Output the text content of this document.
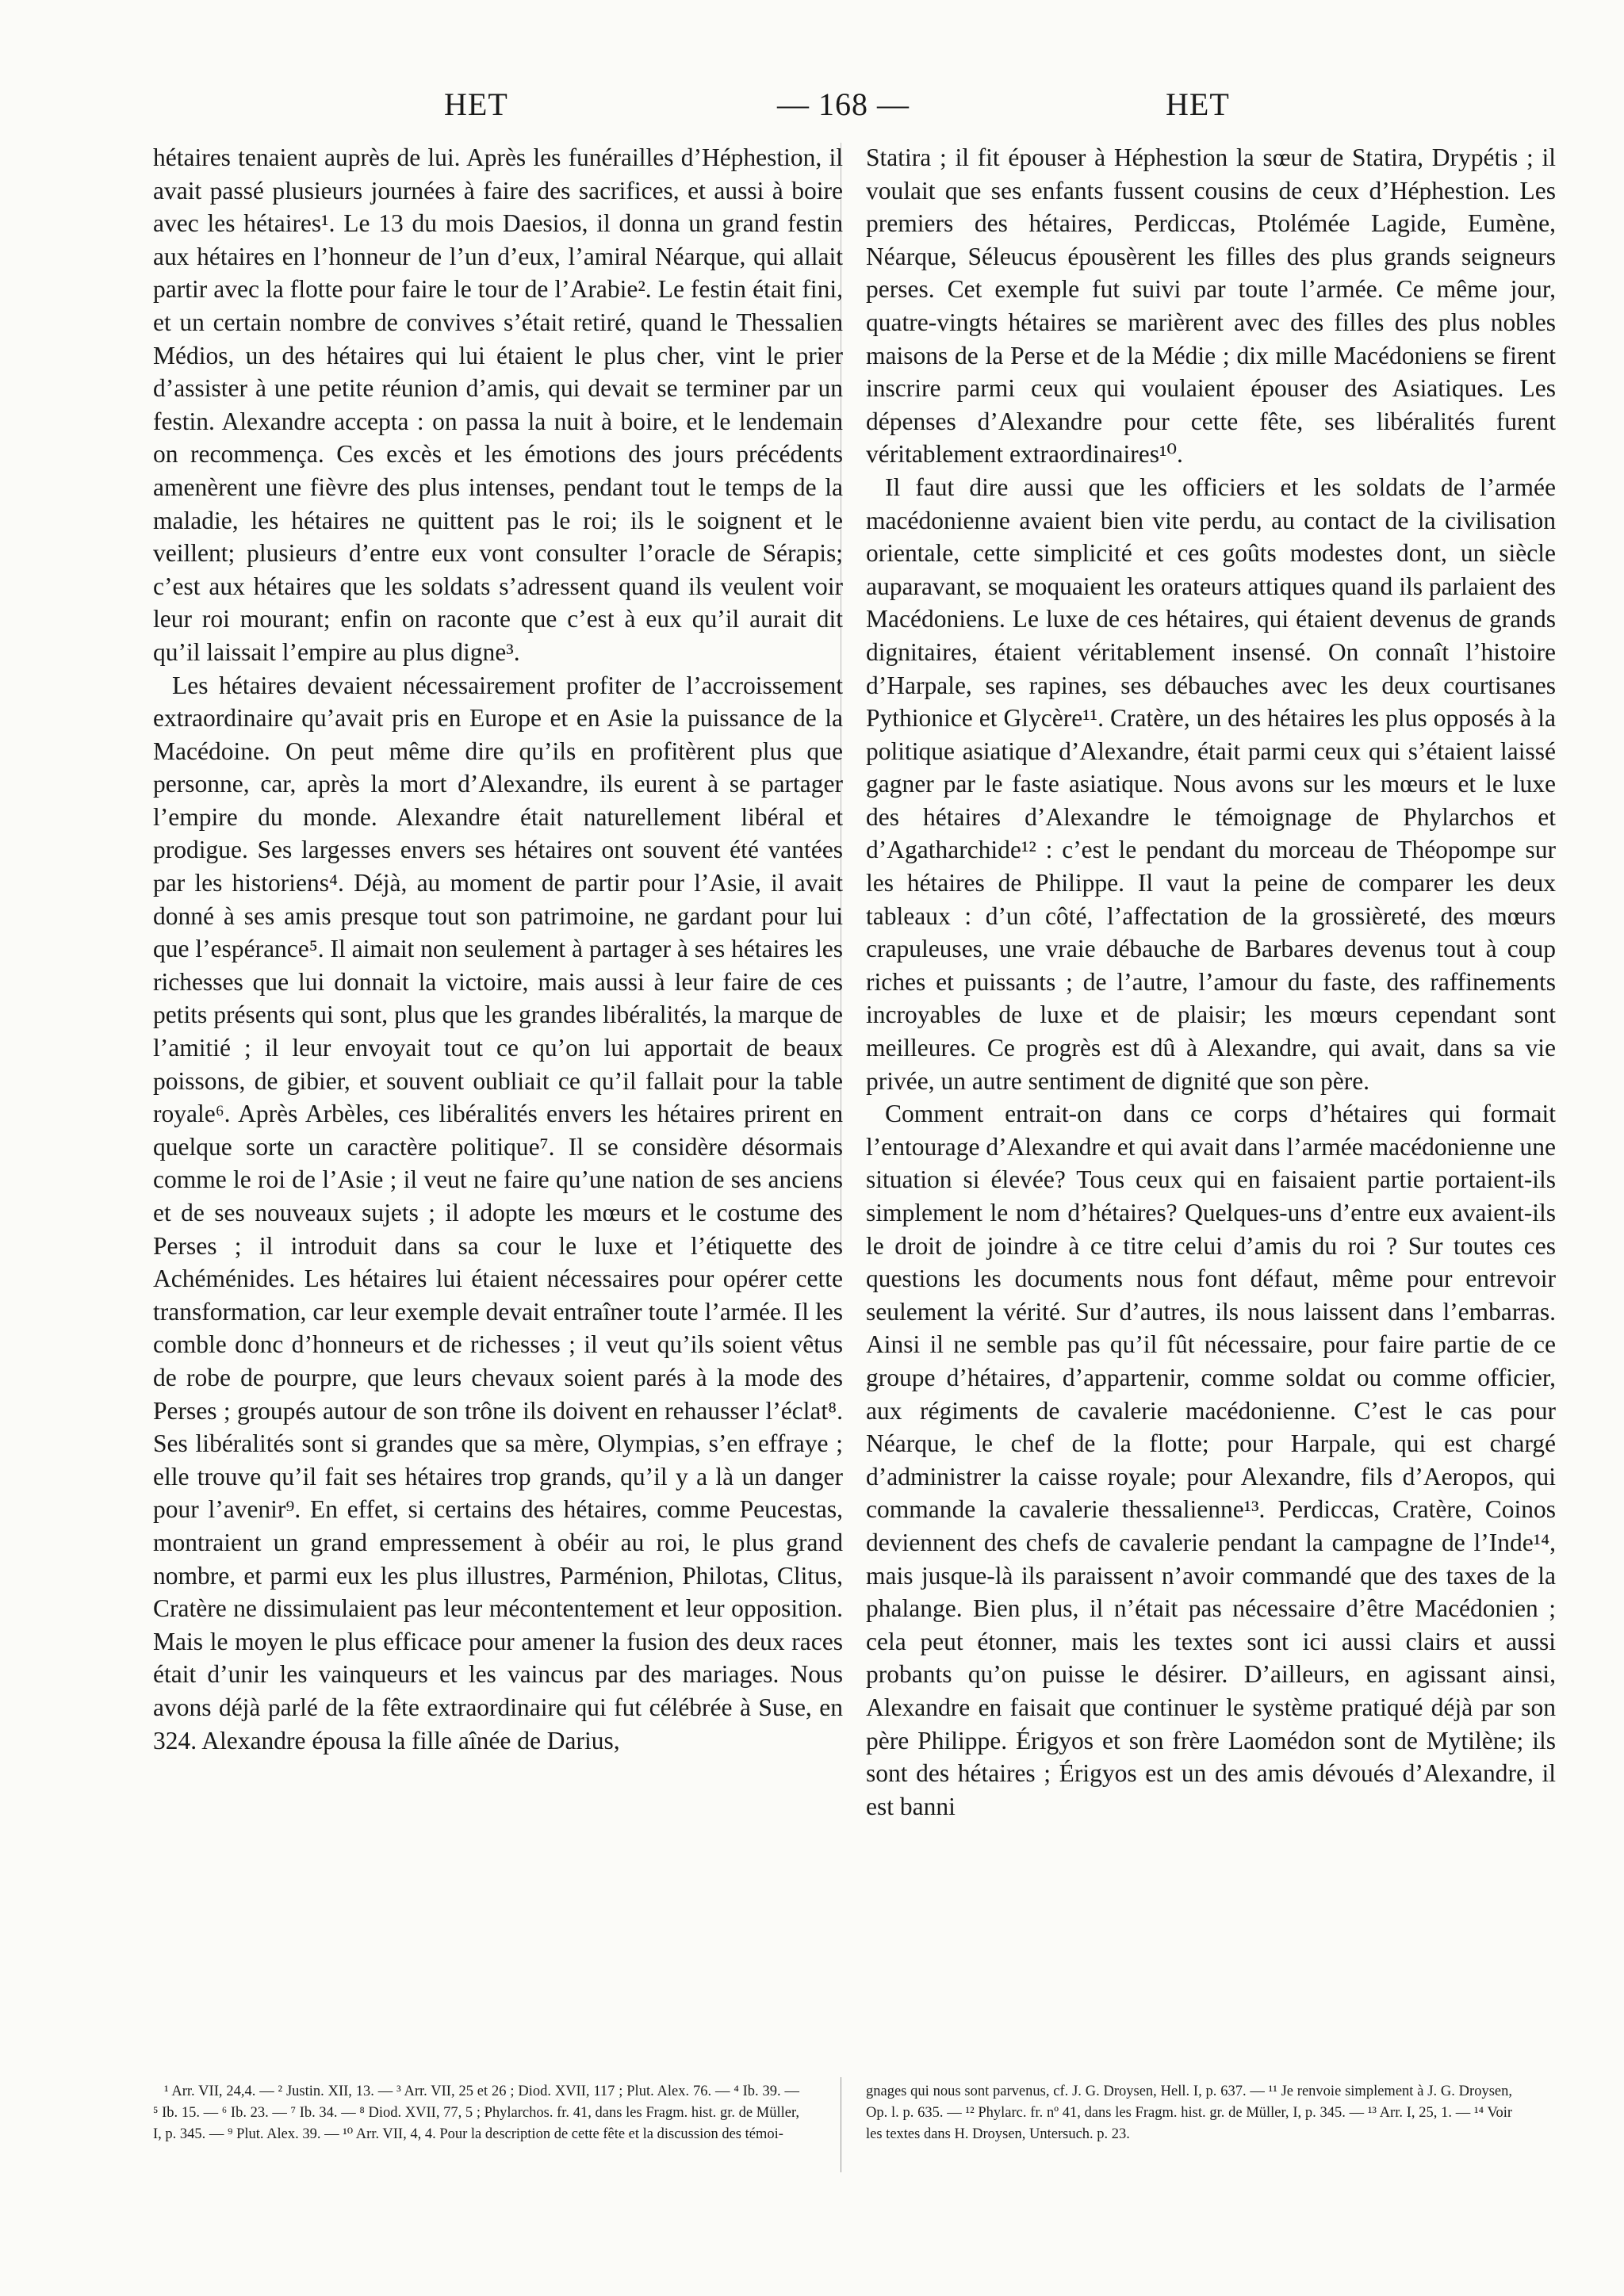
HET	— 168 —	HET

hétaires tenaient auprès de lui. Après les funérailles d’Héphestion, il avait passé plusieurs journées à faire des sacrifices, et aussi à boire avec les hétaires¹. Le 13 du mois Daesios, il donna un grand festin aux hétaires en l’honneur de l’un d’eux, l’amiral Néarque, qui allait partir avec la flotte pour faire le tour de l’Arabie². Le festin était fini, et un certain nombre de convives s’était retiré, quand le Thessalien Médios, un des hétaires qui lui étaient le plus cher, vint le prier d’assister à une petite réunion d’amis, qui devait se terminer par un festin. Alexandre accepta : on passa la nuit à boire, et le lendemain on recommença. Ces excès et les émotions des jours précédents amenèrent une fièvre des plus intenses, pendant tout le temps de la maladie, les hétaires ne quittent pas le roi; ils le soignent et le veillent; plusieurs d’entre eux vont consulter l’oracle de Sérapis; c’est aux hétaires que les soldats s’adressent quand ils veulent voir leur roi mourant; enfin on raconte que c’est à eux qu’il aurait dit qu’il laissait l’empire au plus digne³.

Les hétaires devaient nécessairement profiter de l’accroissement extraordinaire qu’avait pris en Europe et en Asie la puissance de la Macédoine. On peut même dire qu’ils en profitèrent plus que personne, car, après la mort d’Alexandre, ils eurent à se partager l’empire du monde. Alexandre était naturellement libéral et prodigue. Ses largesses envers ses hétaires ont souvent été vantées par les historiens⁴. Déjà, au moment de partir pour l’Asie, il avait donné à ses amis presque tout son patrimoine, ne gardant pour lui que l’espérance⁵. Il aimait non seulement à partager à ses hétaires les richesses que lui donnait la victoire, mais aussi à leur faire de ces petits présents qui sont, plus que les grandes libéralités, la marque de l’amitié ; il leur envoyait tout ce qu’on lui apportait de beaux poissons, de gibier, et souvent oubliait ce qu’il fallait pour la table royale⁶. Après Arbèles, ces libéralités envers les hétaires prirent en quelque sorte un caractère politique⁷. Il se considère désormais comme le roi de l’Asie ; il veut ne faire qu’une nation de ses anciens et de ses nouveaux sujets ; il adopte les mœurs et le costume des Perses ; il introduit dans sa cour le luxe et l’étiquette des Achéménides. Les hétaires lui étaient nécessaires pour opérer cette transformation, car leur exemple devait entraîner toute l’armée. Il les comble donc d’honneurs et de richesses ; il veut qu’ils soient vêtus de robe de pourpre, que leurs chevaux soient parés à la mode des Perses ; groupés autour de son trône ils doivent en rehausser l’éclat⁸. Ses libéralités sont si grandes que sa mère, Olympias, s’en effraye ; elle trouve qu’il fait ses hétaires trop grands, qu’il y a là un danger pour l’avenir⁹. En effet, si certains des hétaires, comme Peucestas, montraient un grand empressement à obéir au roi, le plus grand nombre, et parmi eux les plus illustres, Parménion, Philotas, Clitus, Cratère ne dissimulaient pas leur mécontentement et leur opposition. Mais le moyen le plus efficace pour amener la fusion des deux races était d’unir les vainqueurs et les vaincus par des mariages. Nous avons déjà parlé de la fête extraordinaire qui fut célébrée à Suse, en 324. Alexandre épousa la fille aînée de Darius,

Statira ; il fit épouser à Héphestion la sœur de Statira, Drypétis ; il voulait que ses enfants fussent cousins de ceux d’Héphestion. Les premiers des hétaires, Perdiccas, Ptolémée Lagide, Eumène, Néarque, Séleucus épousèrent les filles des plus grands seigneurs perses. Cet exemple fut suivi par toute l’armée. Ce même jour, quatre-vingts hétaires se marièrent avec des filles des plus nobles maisons de la Perse et de la Médie ; dix mille Macédoniens se firent inscrire parmi ceux qui voulaient épouser des Asiatiques. Les dépenses d’Alexandre pour cette fête, ses libéralités furent véritablement extraordinaires¹⁰.

Il faut dire aussi que les officiers et les soldats de l’armée macédonienne avaient bien vite perdu, au contact de la civilisation orientale, cette simplicité et ces goûts modestes dont, un siècle auparavant, se moquaient les orateurs attiques quand ils parlaient des Macédoniens. Le luxe de ces hétaires, qui étaient devenus de grands dignitaires, étaient véritablement insensé. On connaît l’histoire d’Harpale, ses rapines, ses débauches avec les deux courtisanes Pythionice et Glycère¹¹. Cratère, un des hétaires les plus opposés à la politique asiatique d’Alexandre, était parmi ceux qui s’étaient laissé gagner par le faste asiatique. Nous avons sur les mœurs et le luxe des hétaires d’Alexandre le témoignage de Phylarchos et d’Agatharchide¹² : c’est le pendant du morceau de Théopompe sur les hétaires de Philippe. Il vaut la peine de comparer les deux tableaux : d’un côté, l’affectation de la grossièreté, des mœurs crapuleuses, une vraie débauche de Barbares devenus tout à coup riches et puissants ; de l’autre, l’amour du faste, des raffinements incroyables de luxe et de plaisir; les mœurs cependant sont meilleures. Ce progrès est dû à Alexandre, qui avait, dans sa vie privée, un autre sentiment de dignité que son père.

Comment entrait-on dans ce corps d’hétaires qui formait l’entourage d’Alexandre et qui avait dans l’armée macédonienne une situation si élevée? Tous ceux qui en faisaient partie portaient-ils simplement le nom d’hétaires? Quelques-uns d’entre eux avaient-ils le droit de joindre à ce titre celui d’amis du roi ? Sur toutes ces questions les documents nous font défaut, même pour entrevoir seulement la vérité. Sur d’autres, ils nous laissent dans l’embarras. Ainsi il ne semble pas qu’il fût nécessaire, pour faire partie de ce groupe d’hétaires, d’appartenir, comme soldat ou comme officier, aux régiments de cavalerie macédonienne. C’est le cas pour Néarque, le chef de la flotte; pour Harpale, qui est chargé d’administrer la caisse royale; pour Alexandre, fils d’Aeropos, qui commande la cavalerie thessalienne¹³. Perdiccas, Cratère, Coinos deviennent des chefs de cavalerie pendant la campagne de l’Inde¹⁴, mais jusque-là ils paraissent n’avoir commandé que des taxes de la phalange. Bien plus, il n’était pas nécessaire d’être Macédonien ; cela peut étonner, mais les textes sont ici aussi clairs et aussi probants qu’on puisse le désirer. D’ailleurs, en agissant ainsi, Alexandre en faisait que continuer le système pratiqué déjà par son père Philippe. Érigyos et son frère Laomédon sont de Mytilène; ils sont des hétaires ; Érigyos est un des amis dévoués d’Alexandre, il est banni

¹ Arr. VII, 24,4. — ² Justin. XII, 13. — ³ Arr. VII, 25 et 26 ; Diod. XVII, 117 ; Plut. Alex. 76. — ⁴ Ib. 39. — ⁵ Ib. 15. — ⁶ Ib. 23. — ⁷ Ib. 34. — ⁸ Diod. XVII, 77, 5 ; Phylarchos. fr. 41, dans les Fragm. hist. gr. de Müller, I, p. 345. — ⁹ Plut. Alex. 39. — ¹⁰ Arr. VII, 4, 4. Pour la description de cette fête et la discussion des témoi-

gnages qui nous sont parvenus, cf. J. G. Droysen, Hell. I, p. 637. — ¹¹ Je renvoie simplement à J. G. Droysen, Op. l. p. 635. — ¹² Phylarc. fr. nº 41, dans les Fragm. hist. gr. de Müller, I, p. 345. — ¹³ Arr. I, 25, 1. — ¹⁴ Voir les textes dans H. Droysen, Untersuch. p. 23.
